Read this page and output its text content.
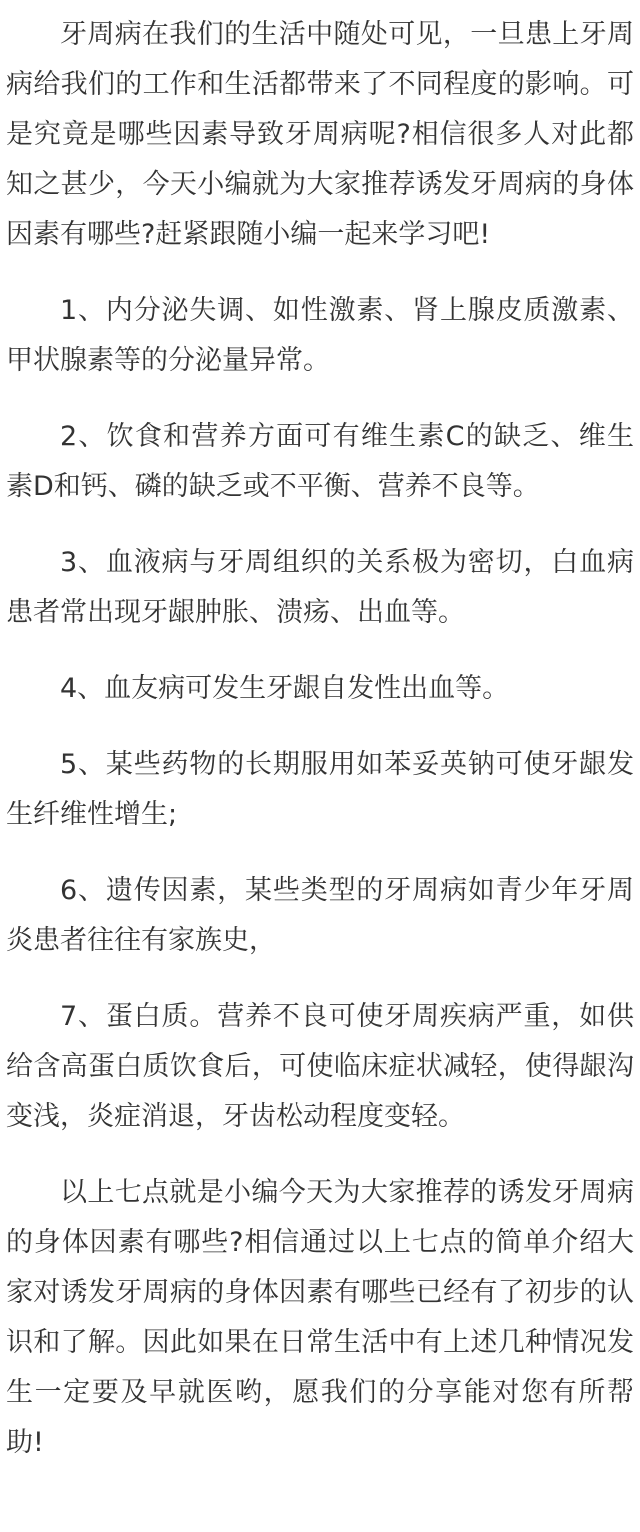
牙周病在我们的生活中随处可见，一旦患上牙周病给我们的工作和生活都带来了不同程度的影响。可是究竟是哪些因素导致牙周病呢?相信很多人对此都知之甚少，今天小编就为大家推荐诱发牙周病的身体因素有哪些?赶紧跟随小编一起来学习吧!

1、内分泌失调、如性激素、肾上腺皮质激素、甲状腺素等的分泌量异常。

2、饮食和营养方面可有维生素C的缺乏、维生素D和钙、磷的缺乏或不平衡、营养不良等。

3、血液病与牙周组织的关系极为密切，白血病患者常出现牙龈肿胀、溃疡、出血等。

4、血友病可发生牙龈自发性出血等。

5、某些药物的长期服用如苯妥英钠可使牙龈发生纤维性增生;

6、遗传因素，某些类型的牙周病如青少年牙周炎患者往往有家族史，

7、蛋白质。营养不良可使牙周疾病严重，如供给含高蛋白质饮食后，可使临床症状减轻，使得龈沟变浅，炎症消退，牙齿松动程度变轻。

以上七点就是小编今天为大家推荐的诱发牙周病的身体因素有哪些?相信通过以上七点的简单介绍大家对诱发牙周病的身体因素有哪些已经有了初步的认识和了解。因此如果在日常生活中有上述几种情况发生一定要及早就医哟，愿我们的分享能对您有所帮助!
